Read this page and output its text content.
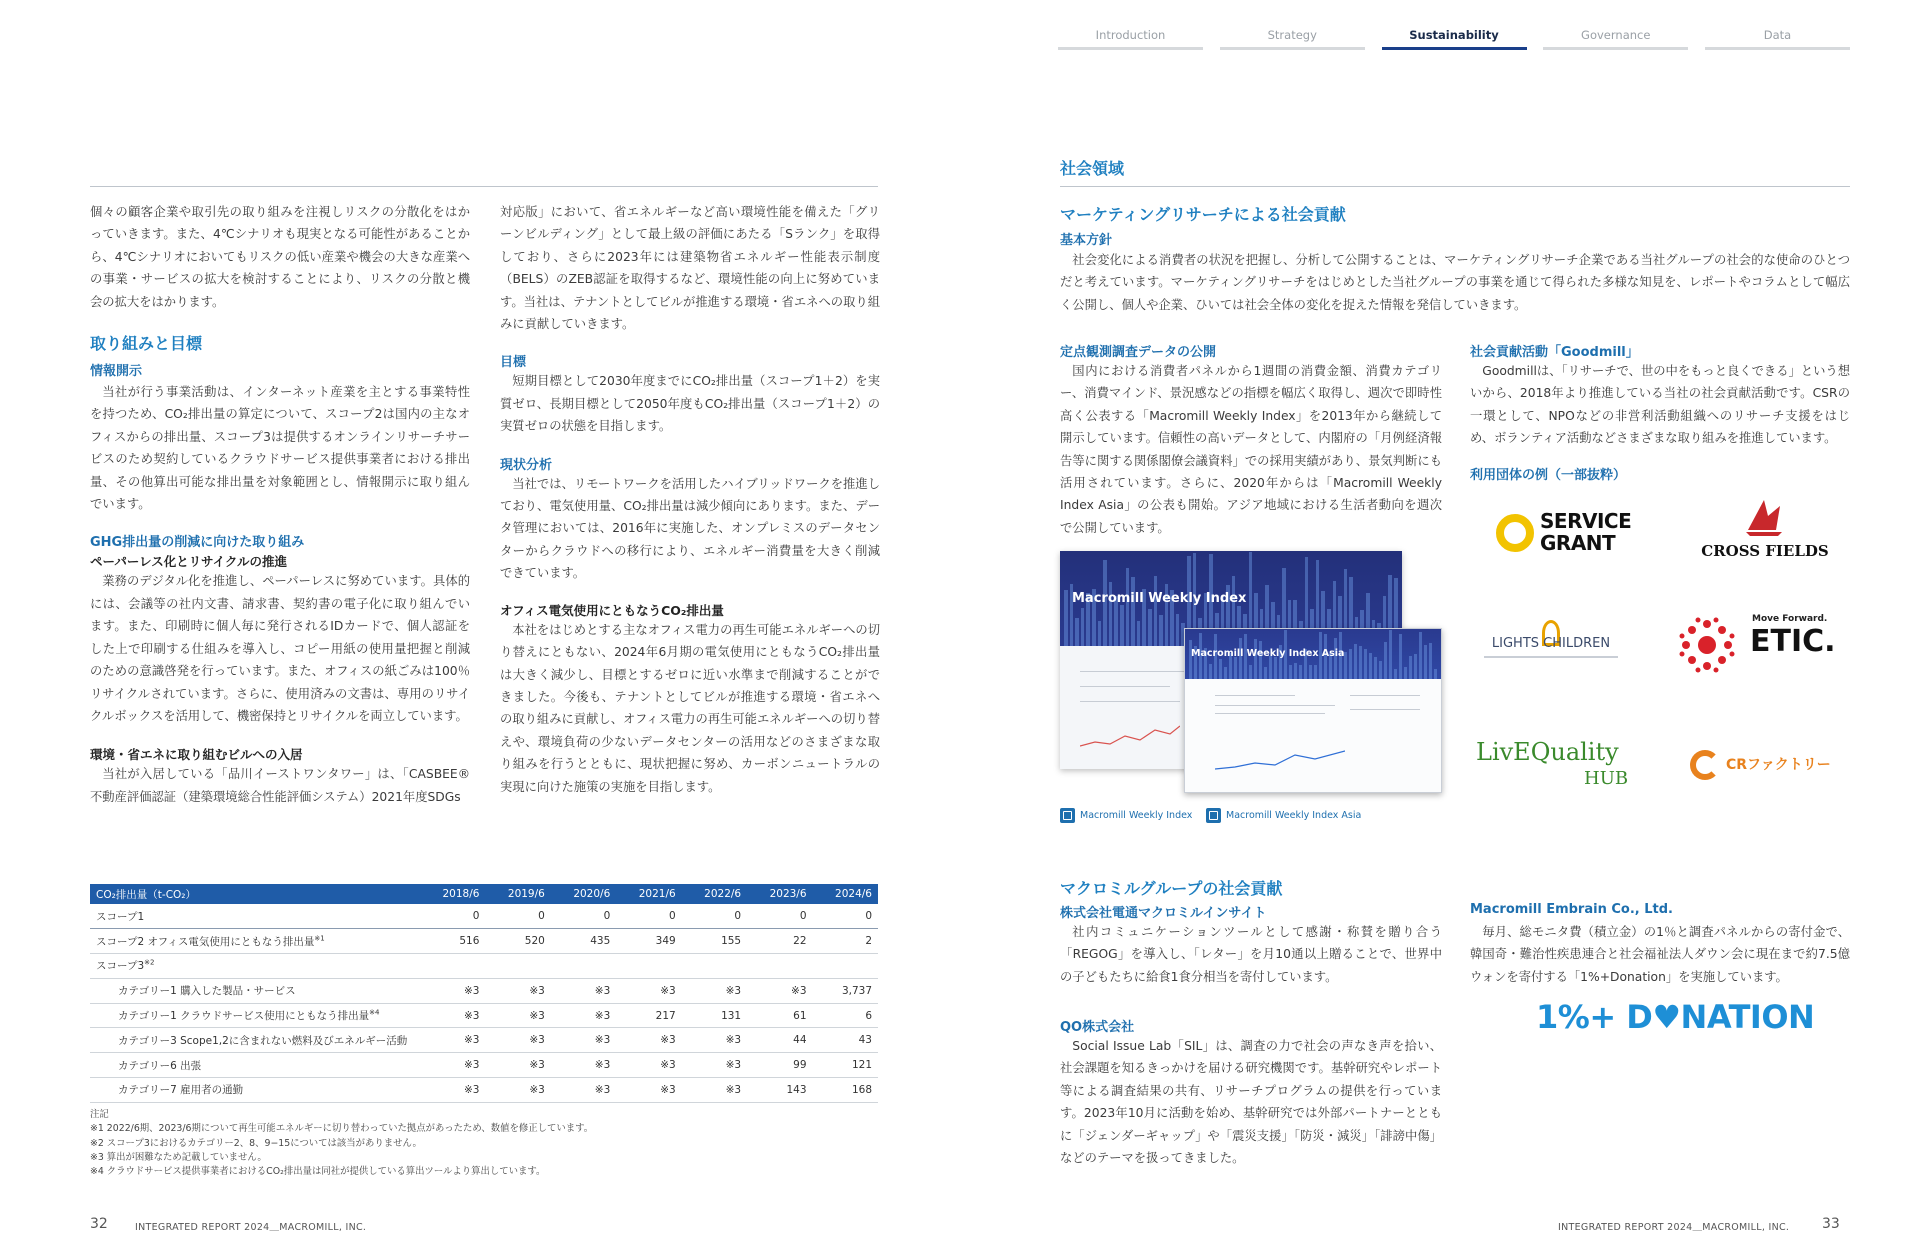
Introduction	Strategy	Sustainability	Governance	Data

個々の顧客企業や取引先の取り組みを注視しリスクの分散化をはかっていきます。また、4℃シナリオも現実となる可能性があることから、4℃シナリオにおいてもリスクの低い産業や機会の大きな産業への事業・サービスの拡大を検討することにより、リスクの分散と機会の拡大をはかります。

取り組みと目標
情報開示

当社が行う事業活動は、インターネット産業を主とする事業特性を持つため、CO₂排出量の算定について、スコープ2は国内の主なオフィスからの排出量、スコープ3は提供するオンラインリサーチサービスのため契約しているクラウドサービス提供事業者における排出量、その他算出可能な排出量を対象範囲とし、情報開示に取り組んでいます。

GHG排出量の削減に向けた取り組み
ペーパーレス化とリサイクルの推進

業務のデジタル化を推進し、ペーパーレスに努めています。具体的には、会議等の社内文書、請求書、契約書の電子化に取り組んでいます。また、印刷時に個人毎に発行されるIDカードで、個人認証をした上で印刷する仕組みを導入し、コピー用紙の使用量把握と削減のための意識啓発を行っています。また、オフィスの紙ごみは100％リサイクルされています。さらに、使用済みの文書は、専用のリサイクルボックスを活用して、機密保持とリサイクルを両立しています。

環境・省エネに取り組むビルへの入居

当社が入居している「品川イーストワンタワー」は、「CASBEE®不動産評価認証（建築環境総合性能評価システム）2021年度SDGs

対応版」において、省エネルギーなど高い環境性能を備えた「グリーンビルディング」として最上級の評価にあたる「Sランク」を取得しており、さらに2023年には建築物省エネルギー性能表示制度（BELS）のZEB認証を取得するなど、環境性能の向上に努めています。当社は、テナントとしてビルが推進する環境・省エネへの取り組みに貢献していきます。

目標

短期目標として2030年度までにCO₂排出量（スコープ1＋2）を実質ゼロ、長期目標として2050年度もCO₂排出量（スコープ1＋2）の実質ゼロの状態を目指します。

現状分析

当社では、リモートワークを活用したハイブリッドワークを推進しており、電気使用量、CO₂排出量は減少傾向にあります。また、データ管理においては、2016年に実施した、オンプレミスのデータセンターからクラウドへの移行により、エネルギー消費量を大きく削減できています。

オフィス電気使用にともなうCO₂排出量

本社をはじめとする主なオフィス電力の再生可能エネルギーへの切り替えにともない、2024年6月期の電気使用にともなうCO₂排出量は大きく減少し、目標とするゼロに近い水準まで削減することができました。今後も、テナントとしてビルが推進する環境・省エネへの取り組みに貢献し、オフィス電力の再生可能エネルギーへの切り替えや、環境負荷の少ないデータセンターの活用などのさまざまな取り組みを行うとともに、現状把握に努め、カーボンニュートラルの実現に向けた施策の実施を目指します。

CO₂排出量（t-CO₂）	2018/6	2019/6	2020/6	2021/6	2022/6	2023/6	2024/6
スコープ1	0	0	0	0	0	0	0
スコープ2 オフィス電気使用にともなう排出量$^{※1}$	516	520	435	349	155	22	2
スコープ3$^{※2}$							
カテゴリー1 購入した製品・サービス	※3	※3	※3	※3	※3	※3	3,737
カテゴリー1 クラウドサービス使用にともなう排出量$^{※4}$	※3	※3	※3	217	131	61	6
カテゴリー3 Scope1,2に含まれない燃料及びエネルギー活動	※3	※3	※3	※3	※3	44	43
カテゴリー6 出張	※3	※3	※3	※3	※3	99	121
カテゴリー7 雇用者の通勤	※3	※3	※3	※3	※3	143	168
注記
※1 2022/6期、2023/6期について再生可能エネルギーに切り替わっていた拠点があったため、数値を修正しています。
※2 スコープ3におけるカテゴリー2、8、9−15については該当がありません。
※3 算出が困難なため記載していません。
※4 クラウドサービス提供事業者におけるCO₂排出量は同社が提供している算出ツールより算出しています。
32	INTEGRATED REPORT 2024＿MACROMILL, INC.
社会領域
マーケティングリサーチによる社会貢献
基本方針

社会変化による消費者の状況を把握し、分析して公開することは、マーケティングリサーチ企業である当社グループの社会的な使命のひとつだと考えています。マーケティングリサーチをはじめとした当社グループの事業を通じて得られた多様な知見を、レポートやコラムとして幅広く公開し、個人や企業、ひいては社会全体の変化を捉えた情報を発信していきます。

定点観測調査データの公開

国内における消費者パネルから1週間の消費金額、消費カテゴリー、消費マインド、景況感などの指標を幅広く取得し、週次で即時性高く公表する「Macromill Weekly Index」を2013年から継続して開示しています。信頼性の高いデータとして、内閣府の「月例経済報告等に関する関係閣僚会議資料」での採用実績があり、景気判断にも活用されています。さらに、2020年からは「Macromill Weekly Index Asia」の公表も開始。アジア地域における生活者動向を週次で公開しています。

Macromill Weekly Index
Macromill Weekly Index Asia
Macromill Weekly Index	Macromill Weekly Index Asia
社会貢献活動「Goodmill」

Goodmillは、「リサーチで、世の中をもっと良くできる」という想いから、2018年より推進している当社の社会貢献活動です。CSRの一環として、NPOなどの非営利活動組織へのリサーチ支援をはじめ、ボランティア活動などさまざまな取り組みを推進しています。

利用団体の例（一部抜粋）
SERVICE
GRANT	CROSS FIELDS
LIGHTS CHILDREN
Move Forward.
ETIC.
LivEQuality
HUB
CRファクトリー
マクロミルグループの社会貢献
株式会社電通マクロミルインサイト

社内コミュニケーションツールとして感謝・称賛を贈り合う「REGOG」を導入し、「レター」を月10通以上贈ることで、世界中の子どもたちに給食1食分相当を寄付しています。

QO株式会社

Social Issue Lab「SIL」は、調査の力で社会の声なき声を拾い、社会課題を知るきっかけを届ける研究機関です。基幹研究やレポート等による調査結果の共有、リサーチプログラムの提供を行っています。2023年10月に活動を始め、基幹研究では外部パートナーとともに「ジェンダーギャップ」や「震災支援」「防災・減災」「誹謗中傷」などのテーマを扱ってきました。

Macromill Embrain Co., Ltd.

毎月、総モニタ費（積立金）の1％と調査パネルからの寄付金で、韓国奇・難治性疾患連合と社会福祉法人ダウン会に現在まで約7.5億ウォンを寄付する「1%+Donation」を実施しています。

1%+ D♥NATION
INTEGRATED REPORT 2024＿MACROMILL, INC. 33
